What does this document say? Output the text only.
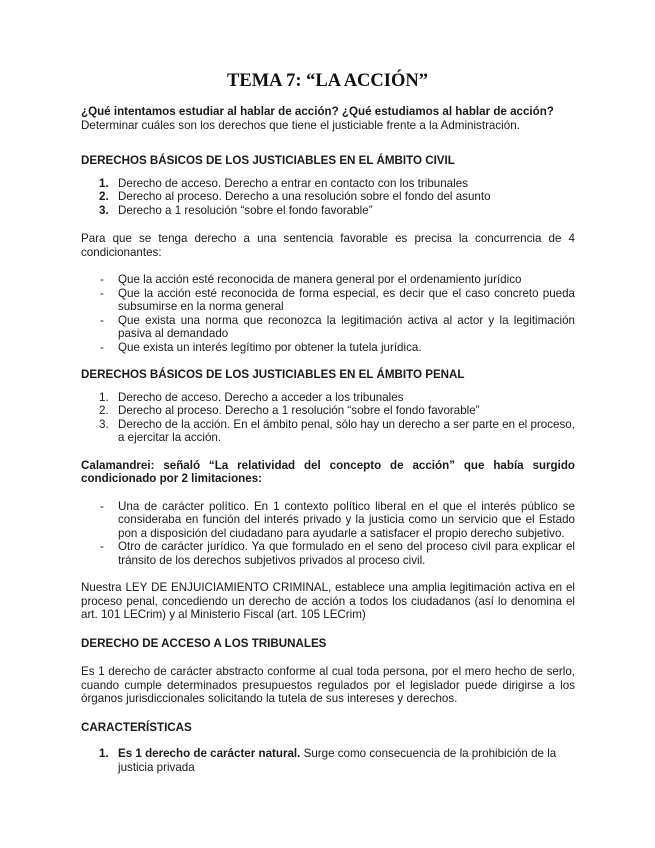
TEMA 7: “LA ACCIÓN”

¿Qué intentamos estudiar al hablar de acción? ¿Qué estudiamos al hablar de acción?

Determinar cuáles son los derechos que tiene el justiciable frente a la Administración.

DERECHOS BÁSICOS DE LOS JUSTICIABLES EN EL ÁMBITO CIVIL

1. Derecho de acceso. Derecho a entrar en contacto con los tribunales
2. Derecho al proceso. Derecho a una resolución sobre el fondo del asunto
3. Derecho a 1 resolución “sobre el fondo favorable”

Para que se tenga derecho a una sentencia favorable es precisa la concurrencia de 4 condicionantes:

- Que la acción esté reconocida de manera general por el ordenamiento jurídico
- Que la acción esté reconocida de forma especial, es decir que el caso concreto pueda subsumirse en la norma general
- Que exista una norma que reconozca la legitimación activa al actor y la legitimación pasiva al demandado
- Que exista un interés legítimo por obtener la tutela jurídica.

DERECHOS BÁSICOS DE LOS JUSTICIABLES EN EL ÁMBITO PENAL

1. Derecho de acceso. Derecho a acceder a los tribunales
2. Derecho al proceso. Derecho a 1 resolución “sobre el fondo favorable”
3. Derecho de la acción. En el ámbito penal, sólo hay un derecho a ser parte en el proceso, a ejercitar la acción.

Calamandrei: señaló “La relatividad del concepto de acción” que había surgido condicionado por 2 limitaciones:

- Una de carácter político. En 1 contexto político liberal en el que el interés público se consideraba en función del interés privado y la justicia como un servicio que el Estado pon a disposición del ciudadano para ayudarle a satisfacer el propio derecho subjetivo.
- Otro de carácter jurídico. Ya que formulado en el seno del proceso civil para explicar el tránsito de los derechos subjetivos privados al proceso civil.

Nuestra LEY DE ENJUICIAMIENTO CRIMINAL, establece una amplia legitimación activa en el proceso penal, concediendo un derecho de acción a todos los ciudadanos (así lo denomina el art. 101 LECrim) y al Ministerio Fiscal (art. 105 LECrim)

DERECHO DE ACCESO A LOS TRIBUNALES

Es 1 derecho de carácter abstracto conforme al cual toda persona, por el mero hecho de serlo, cuando cumple determinados presupuestos regulados por el legislador puede dirigirse a los órganos jurisdiccionales solicitando la tutela de sus intereses y derechos.

CARACTERÍSTICAS

1. Es 1 derecho de carácter natural. Surge como consecuencia de la prohibición de la justicia privada
